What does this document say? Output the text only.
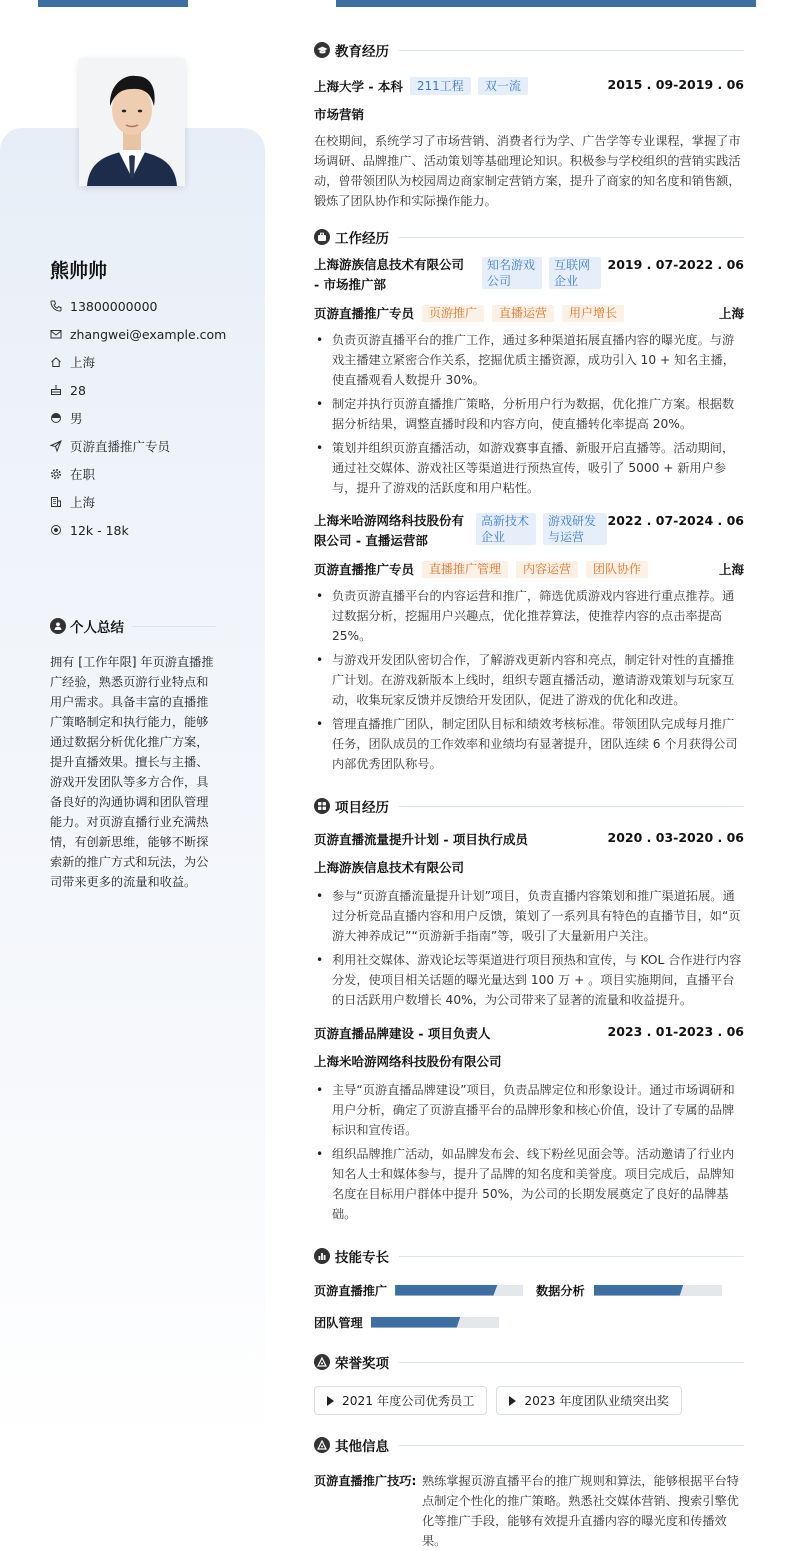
熊帅帅
13800000000
zhangwei@example.com
上海
28
男
页游直播推广专员
在职
上海
12k - 18k
个人总结
拥有 [工作年限] 年页游直播推广经验，熟悉页游行业特点和用户需求。具备丰富的直播推广策略制定和执行能力，能够通过数据分析优化推广方案，提升直播效果。擅长与主播、游戏开发团队等多方合作，具备良好的沟通协调和团队管理能力。对页游直播行业充满热情，有创新思维，能够不断探索新的推广方式和玩法，为公司带来更多的流量和收益。
教育经历
上海大学 - 本科	211工程	双一流	2015 . 09-2019 . 06
市场营销
在校期间，系统学习了市场营销、消费者行为学、广告学等专业课程，掌握了市场调研、品牌推广、活动策划等基础理论知识。积极参与学校组织的营销实践活动，曾带领团队为校园周边商家制定营销方案，提升了商家的知名度和销售额，锻炼了团队协作和实际操作能力。
工作经历
上海游族信息技术有限公司 - 市场推广部
知名游戏公司
互联网企业
2019 . 07-2022 . 06
页游直播推广专员	页游推广	直播运营	用户增长	上海
• 负责页游直播平台的推广工作，通过多种渠道拓展直播内容的曝光度。与游戏主播建立紧密合作关系，挖掘优质主播资源，成功引入 10 + 知名主播，使直播观看人数提升 30%。
• 制定并执行页游直播推广策略，分析用户行为数据，优化推广方案。根据数据分析结果，调整直播时段和内容方向，使直播转化率提高 20%。
• 策划并组织页游直播活动，如游戏赛事直播、新服开启直播等。活动期间，通过社交媒体、游戏社区等渠道进行预热宣传，吸引了 5000 + 新用户参与，提升了游戏的活跃度和用户粘性。
上海米哈游网络科技股份有限公司 - 直播运营部
高新技术企业
游戏研发与运营
2022 . 07-2024 . 06
页游直播推广专员	直播推广管理	内容运营	团队协作	上海
• 负责页游直播平台的内容运营和推广，筛选优质游戏内容进行重点推荐。通过数据分析，挖掘用户兴趣点，优化推荐算法，使推荐内容的点击率提高 25%。
• 与游戏开发团队密切合作，了解游戏更新内容和亮点，制定针对性的直播推广计划。在游戏新版本上线时，组织专题直播活动，邀请游戏策划与玩家互动，收集玩家反馈并反馈给开发团队，促进了游戏的优化和改进。
• 管理直播推广团队，制定团队目标和绩效考核标准。带领团队完成每月推广任务，团队成员的工作效率和业绩均有显著提升，团队连续 6 个月获得公司内部优秀团队称号。
项目经历
页游直播流量提升计划 - 项目执行成员	2020 . 03-2020 . 06
上海游族信息技术有限公司
• 参与“页游直播流量提升计划”项目，负责直播内容策划和推广渠道拓展。通过分析竞品直播内容和用户反馈，策划了一系列具有特色的直播节目，如“页游大神养成记”“页游新手指南”等，吸引了大量新用户关注。
• 利用社交媒体、游戏论坛等渠道进行项目预热和宣传，与 KOL 合作进行内容分发，使项目相关话题的曝光量达到 100 万 + 。项目实施期间，直播平台的日活跃用户数增长 40%，为公司带来了显著的流量和收益提升。
页游直播品牌建设 - 项目负责人	2023 . 01-2023 . 06
上海米哈游网络科技股份有限公司
• 主导“页游直播品牌建设”项目，负责品牌定位和形象设计。通过市场调研和用户分析，确定了页游直播平台的品牌形象和核心价值，设计了专属的品牌标识和宣传语。
• 组织品牌推广活动，如品牌发布会、线下粉丝见面会等。活动邀请了行业内知名人士和媒体参与，提升了品牌的知名度和美誉度。项目完成后，品牌知名度在目标用户群体中提升 50%，为公司的长期发展奠定了良好的品牌基础。
技能专长
页游直播推广	数据分析
团队管理
荣誉奖项
2021 年度公司优秀员工	2023 年度团队业绩突出奖
其他信息
页游直播推广技巧: 熟练掌握页游直播平台的推广规则和算法，能够根据平台特点制定个性化的推广策略。熟悉社交媒体营销、搜索引擎优化等推广手段，能够有效提升直播内容的曝光度和传播效果。
